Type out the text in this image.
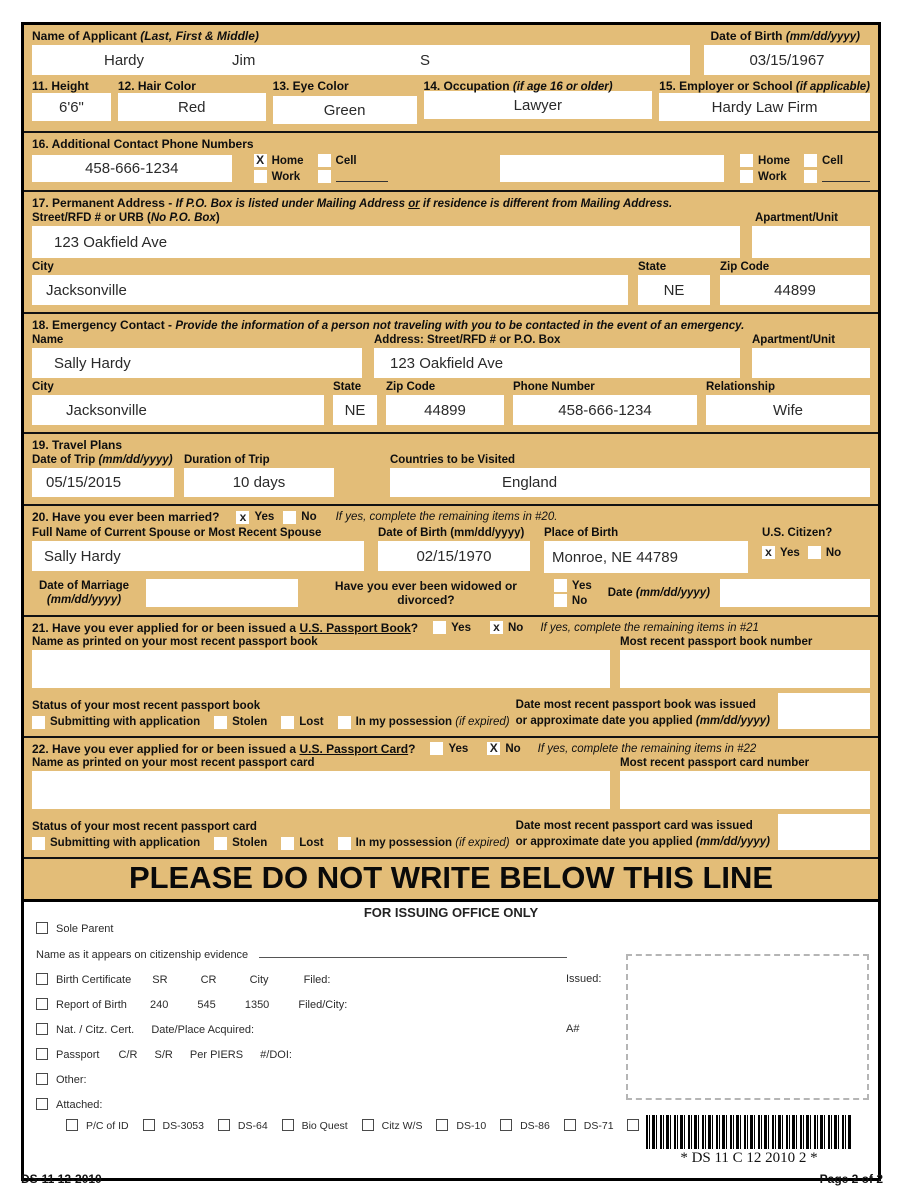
Name of Applicant (Last, First & Middle)	Date of Birth (mm/dd/yyyy)
Hardy	Jim	S	03/15/1967
11. Height
6'6"
12. Hair Color
Red
13. Eye Color
Green
14. Occupation (if age 16 or older)
Lawyer
15. Employer or School (if applicable)
Hardy Law Firm
16. Additional Contact Phone Numbers
458-666-1234	X Home	Cell
Work
Home	Cell
Work
17. Permanent Address - If P.O. Box is listed under Mailing Address or if residence is different from Mailing Address.
Street/RFD # or URB (No P.O. Box)	Apartment/Unit
123 Oakfield Ave
City
Jacksonville
State
NE
Zip Code
44899
18. Emergency Contact - Provide the information of a person not traveling with you to be contacted in the event of an emergency.
Name
Sally Hardy
Address: Street/RFD # or P.O. Box
123 Oakfield Ave
Apartment/Unit
City
Jacksonville
State
NE
Zip Code
44899
Phone Number
458-666-1234
Relationship
Wife
19. Travel Plans
Date of Trip (mm/dd/yyyy)
05/15/2015
Duration of Trip
10 days
Countries to be Visited
England
20. Have you ever been married? x Yes No If yes, complete the remaining items in #20.
Full Name of Current Spouse or Most Recent Spouse
Sally Hardy
Date of Birth (mm/dd/yyyy)
02/15/1970
Place of Birth
Monroe, NE 44789
U.S. Citizen?
x Yes No
Date of Marriage
(mm/dd/yyyy)
Have you ever been widowed or divorced?
Yes
No
Date (mm/dd/yyyy)
21. Have you ever applied for or been issued a U.S. Passport Book?	Yes x No If yes, complete the remaining items in #21
Name as printed on your most recent passport book	Most recent passport book number
Status of your most recent passport book
Submitting with application	Stolen	Lost	In my possession (if expired)
Date most recent passport book was issued
or approximate date you applied (mm/dd/yyyy)
22. Have you ever applied for or been issued a U.S. Passport Card?	Yes X No If yes, complete the remaining items in #22
Name as printed on your most recent passport card	Most recent passport card number
Status of your most recent passport card
Submitting with application	Stolen	Lost	In my possession (if expired)
Date most recent passport card was issued
or approximate date you applied (mm/dd/yyyy)
PLEASE DO NOT WRITE BELOW THIS LINE
FOR ISSUING OFFICE ONLY
Sole Parent
Name as it appears on citizenship evidence
Birth Certificate SR	CR	City	Filed:	Issued:
Report of Birth 240	545	1350	Filed/City:
Nat. / Citz. Cert. Date/Place Acquired:	A#
Passport C/R S/R Per PIERS #/DOI:
Other:
Attached:
P/C of ID	DS-3053	DS-64	Bio Quest	Citz W/S	DS-10	DS-86	DS-71
* DS 11 C 12 2010 2 *
DS-11 12-2010	Page 2 of 2
